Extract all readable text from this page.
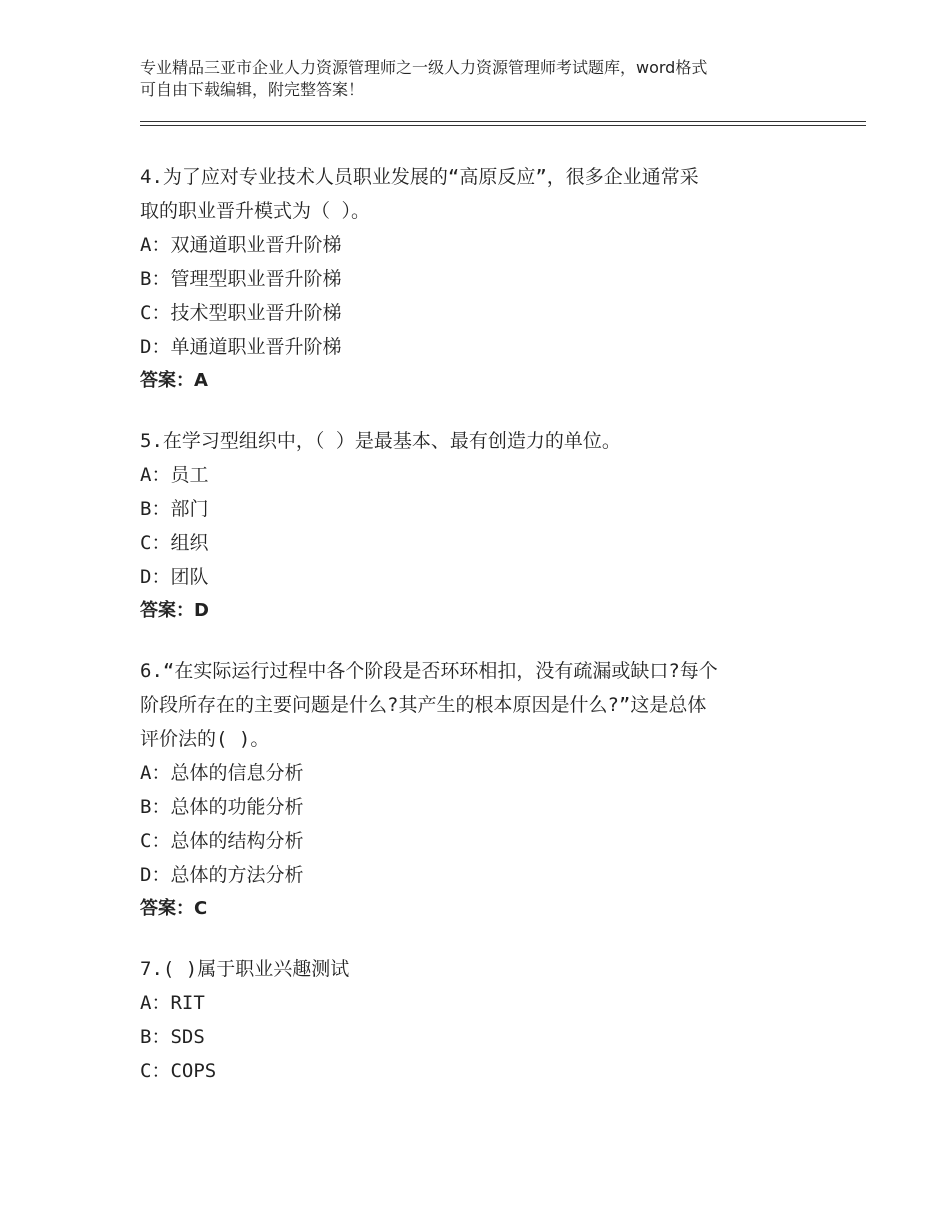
专业精品三亚市企业人力资源管理师之一级人力资源管理师考试题库，word格式
可自由下载编辑，附完整答案！
4.为了应对专业技术人员职业发展的“高原反应”，很多企业通常采
取的职业晋升模式为（ ）。
A：双通道职业晋升阶梯
B：管理型职业晋升阶梯
C：技术型职业晋升阶梯
D：单通道职业晋升阶梯
答案：A
5.在学习型组织中，（ ）是最基本、最有创造力的单位。
A：员工
B：部门
C：组织
D：团队
答案：D
6.“在实际运行过程中各个阶段是否环环相扣，没有疏漏或缺口?每个
阶段所存在的主要问题是什么?其产生的根本原因是什么?”这是总体
评价法的( )。
A：总体的信息分析
B：总体的功能分析
C：总体的结构分析
D：总体的方法分析
答案：C
7.( )属于职业兴趣测试
A：RIT
B：SDS
C：COPS
